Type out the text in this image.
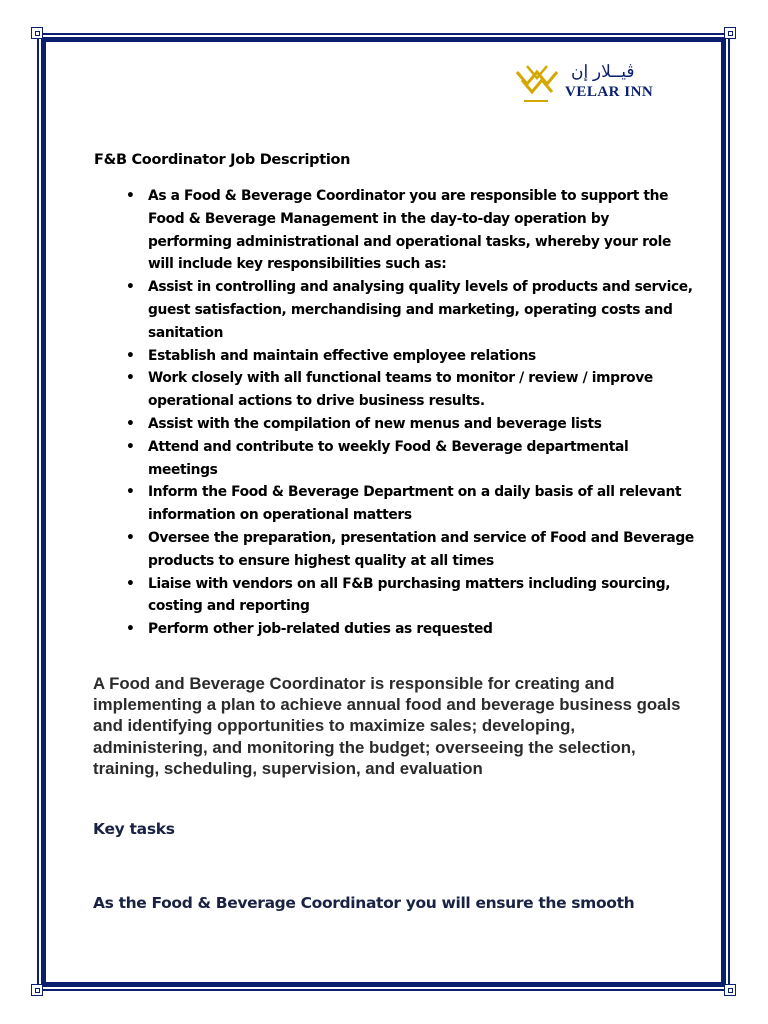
ڤيــلار إن
VELAR INN
F&B Coordinator Job Description
• As a Food & Beverage Coordinator you are responsible to support the Food & Beverage Management in the day-to-day operation by performing administrational and operational tasks, whereby your role will include key responsibilities such as:
• Assist in controlling and analysing quality levels of products and service, guest satisfaction, merchandising and marketing, operating costs and sanitation
• Establish and maintain effective employee relations
• Work closely with all functional teams to monitor / review / improve operational actions to drive business results.
• Assist with the compilation of new menus and beverage lists
• Attend and contribute to weekly Food & Beverage departmental meetings
• Inform the Food & Beverage Department on a daily basis of all relevant information on operational matters
• Oversee the preparation, presentation and service of Food and Beverage products to ensure highest quality at all times
• Liaise with vendors on all F&B purchasing matters including sourcing, costing and reporting
• Perform other job-related duties as requested
A Food and Beverage Coordinator is responsible for creating and implementing a plan to achieve annual food and beverage business goals and identifying opportunities to maximize sales; developing, administering, and monitoring the budget; overseeing the selection, training, scheduling, supervision, and evaluation
Key tasks
As the Food & Beverage Coordinator you will ensure the smooth
